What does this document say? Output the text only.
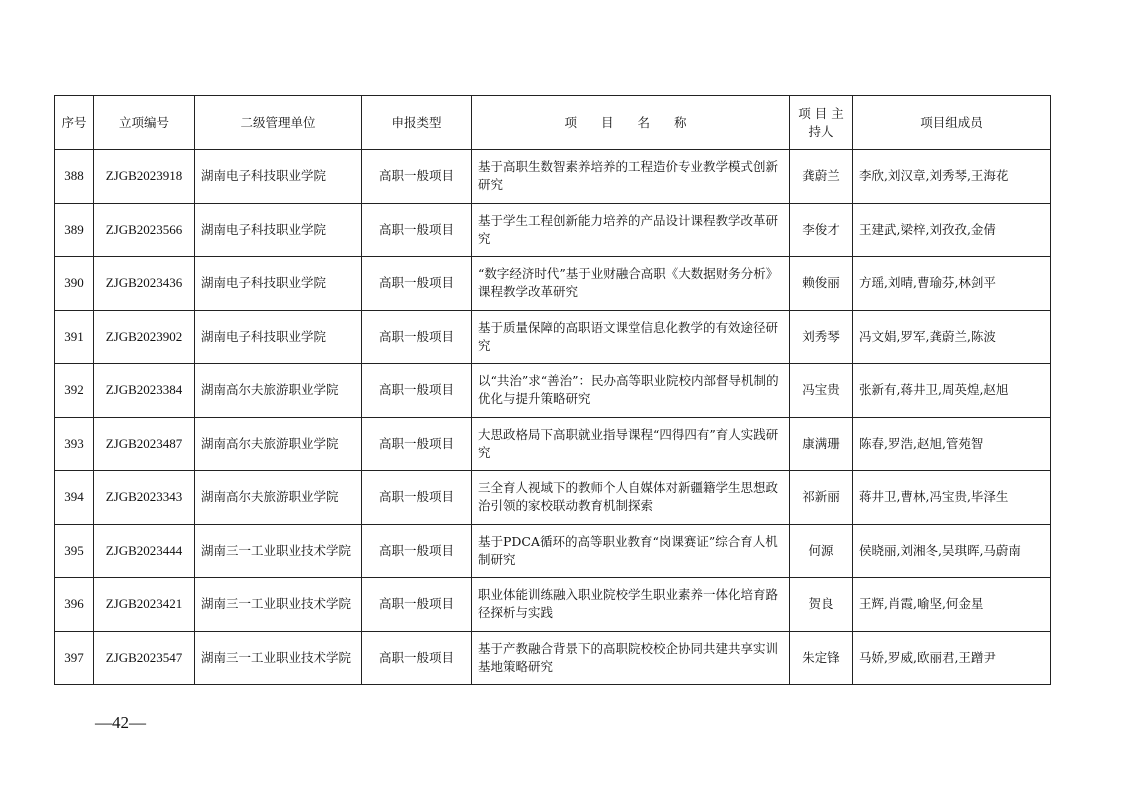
序号	立项编号	二级管理单位	申报类型	项 目 名 称	项 目 主持人	项目组成员
388	ZJGB2023918	湖南电子科技职业学院	高职一般项目	基于高职生数智素养培养的工程造价专业教学模式创新研究	龚蔚兰	李欣,刘汉章,刘秀琴,王海花
389	ZJGB2023566	湖南电子科技职业学院	高职一般项目	基于学生工程创新能力培养的产品设计课程教学改革研究	李俊才	王建武,梁梓,刘孜孜,金倩
390	ZJGB2023436	湖南电子科技职业学院	高职一般项目	“数字经济时代”基于业财融合高职《大数据财务分析》课程教学改革研究	赖俊丽	方瑶,刘晴,曹瑜芬,林剑平
391	ZJGB2023902	湖南电子科技职业学院	高职一般项目	基于质量保障的高职语文课堂信息化教学的有效途径研究	刘秀琴	冯文娟,罗军,龚蔚兰,陈波
392	ZJGB2023384	湖南高尔夫旅游职业学院	高职一般项目	以“共治”求“善治”：民办高等职业院校内部督导机制的优化与提升策略研究	冯宝贵	张新有,蒋井卫,周英煌,赵旭
393	ZJGB2023487	湖南高尔夫旅游职业学院	高职一般项目	大思政格局下高职就业指导课程“四得四有”育人实践研究	康满珊	陈春,罗浩,赵旭,管苑智
394	ZJGB2023343	湖南高尔夫旅游职业学院	高职一般项目	三全育人视域下的教师个人自媒体对新疆籍学生思想政治引领的家校联动教育机制探索	祁新丽	蒋井卫,曹林,冯宝贵,毕泽生
395	ZJGB2023444	湖南三一工业职业技术学院	高职一般项目	基于PDCA循环的高等职业教育“岗课赛证”综合育人机制研究	何源	侯晓丽,刘湘冬,吴琪晖,马蔚南
396	ZJGB2023421	湖南三一工业职业技术学院	高职一般项目	职业体能训练融入职业院校学生职业素养一体化培育路径探析与实践	贺良	王辉,肖霞,喻坚,何金星
397	ZJGB2023547	湖南三一工业职业技术学院	高职一般项目	基于产教融合背景下的高职院校校企协同共建共享实训基地策略研究	朱定锋	马娇,罗威,欧丽君,王蹭尹
—42—
